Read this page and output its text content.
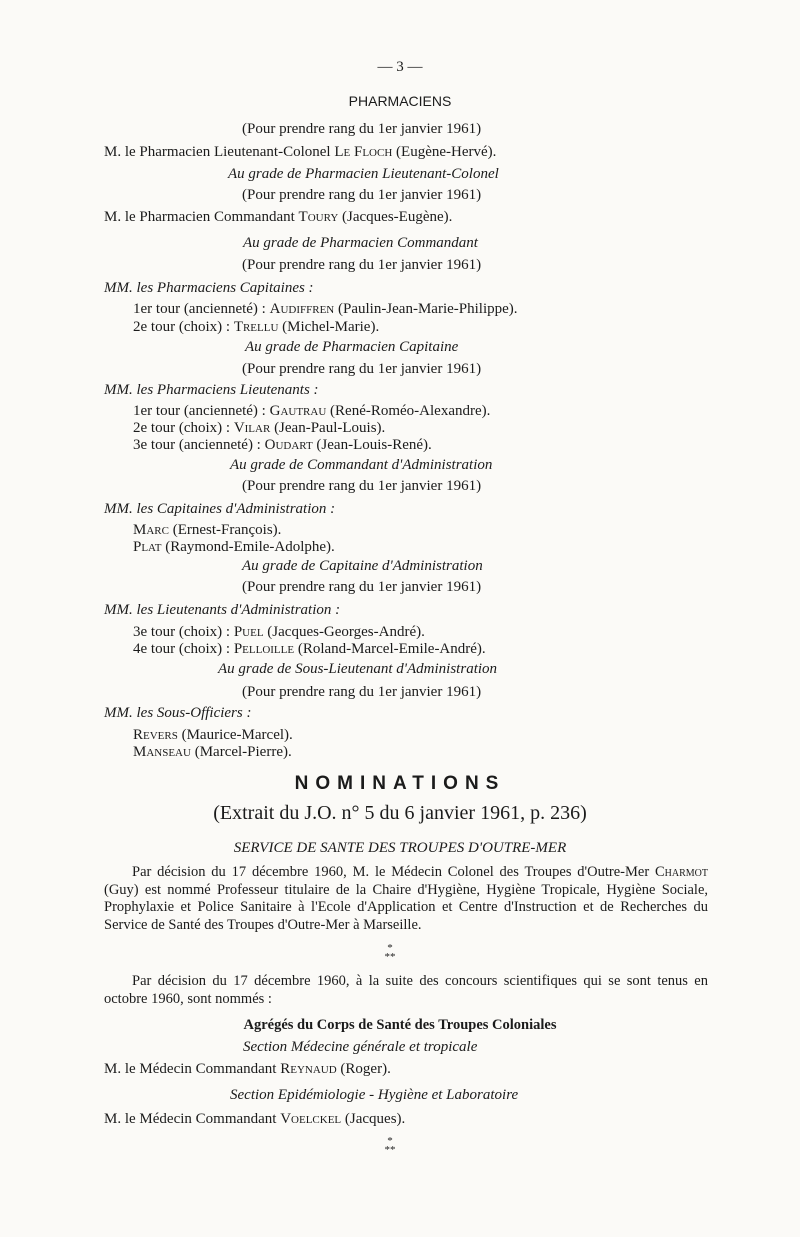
— 3 —
PHARMACIENS
(Pour prendre rang du 1er janvier 1961)
M. le Pharmacien Lieutenant-Colonel Le Floch (Eugène-Hervé).
Au grade de Pharmacien Lieutenant-Colonel
(Pour prendre rang du 1er janvier 1961)
M. le Pharmacien Commandant Toury (Jacques-Eugène).
Au grade de Pharmacien Commandant
(Pour prendre rang du 1er janvier 1961)
MM. les Pharmaciens Capitaines :
1er tour (ancienneté) : Audiffren (Paulin-Jean-Marie-Philippe).
2e tour (choix) : Trellu (Michel-Marie).
Au grade de Pharmacien Capitaine
(Pour prendre rang du 1er janvier 1961)
MM. les Pharmaciens Lieutenants :
1er tour (ancienneté) : Gautrau (René-Roméo-Alexandre).
2e tour (choix) : Vilar (Jean-Paul-Louis).
3e tour (ancienneté) : Oudart (Jean-Louis-René).
Au grade de Commandant d'Administration
(Pour prendre rang du 1er janvier 1961)
MM. les Capitaines d'Administration :
Marc (Ernest-François).
Plat (Raymond-Emile-Adolphe).
Au grade de Capitaine d'Administration
(Pour prendre rang du 1er janvier 1961)
MM. les Lieutenants d'Administration :
3e tour (choix) : Puel (Jacques-Georges-André).
4e tour (choix) : Pelloille (Roland-Marcel-Emile-André).
Au grade de Sous-Lieutenant d'Administration
(Pour prendre rang du 1er janvier 1961)
MM. les Sous-Officiers :
Revers (Maurice-Marcel).
Manseau (Marcel-Pierre).
NOMINATIONS
(Extrait du J.O. n° 5 du 6 janvier 1961, p. 236)
SERVICE DE SANTE DES TROUPES D'OUTRE-MER
Par décision du 17 décembre 1960, M. le Médecin Colonel des Troupes d'Outre-Mer Charmot (Guy) est nommé Professeur titulaire de la Chaire d'Hygiène, Hygiène Tropicale, Hygiène Sociale, Prophylaxie et Police Sanitaire à l'Ecole d'Application et Centre d'Instruction et de Recherches du Service de Santé des Troupes d'Outre-Mer à Marseille.
*
**
Par décision du 17 décembre 1960, à la suite des concours scientifiques qui se sont tenus en octobre 1960, sont nommés :
Agrégés du Corps de Santé des Troupes Coloniales
Section Médecine générale et tropicale
M. le Médecin Commandant Reynaud (Roger).
Section Epidémiologie - Hygiène et Laboratoire
M. le Médecin Commandant Voelckel (Jacques).
*
**
